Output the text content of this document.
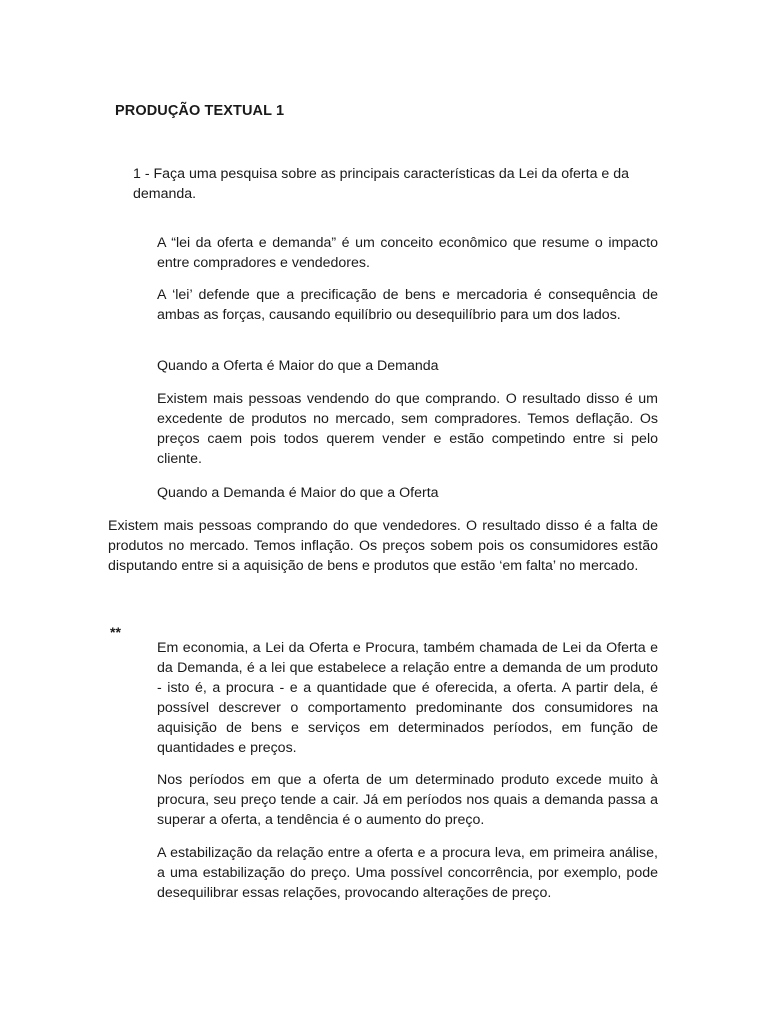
PRODUÇÃO TEXTUAL 1

1 - Faça uma pesquisa sobre as principais características da Lei da oferta e da demanda.

A “lei da oferta e demanda” é um conceito econômico que resume o impacto entre compradores e vendedores.

A ‘lei’ defende que a precificação de bens e mercadoria é consequência de ambas as forças, causando equilíbrio ou desequilíbrio para um dos lados.

Quando a Oferta é Maior do que a Demanda

Existem mais pessoas vendendo do que comprando. O resultado disso é um excedente de produtos no mercado, sem compradores. Temos deflação. Os preços caem pois todos querem vender e estão competindo entre si pelo cliente.

Quando a Demanda é Maior do que a Oferta

Existem mais pessoas comprando do que vendedores. O resultado disso é a falta de produtos no mercado. Temos inflação. Os preços sobem pois os consumidores estão disputando entre si a aquisição de bens e produtos que estão ‘em falta’ no mercado.

**

Em economia, a Lei da Oferta e Procura, também chamada de Lei da Oferta e da Demanda, é a lei que estabelece a relação entre a demanda de um produto - isto é, a procura - e a quantidade que é oferecida, a oferta. A partir dela, é possível descrever o comportamento predominante dos consumidores na aquisição de bens e serviços em determinados períodos, em função de quantidades e preços.

Nos períodos em que a oferta de um determinado produto excede muito à procura, seu preço tende a cair. Já em períodos nos quais a demanda passa a superar a oferta, a tendência é o aumento do preço.

A estabilização da relação entre a oferta e a procura leva, em primeira análise, a uma estabilização do preço. Uma possível concorrência, por exemplo, pode desequilibrar essas relações, provocando alterações de preço.
